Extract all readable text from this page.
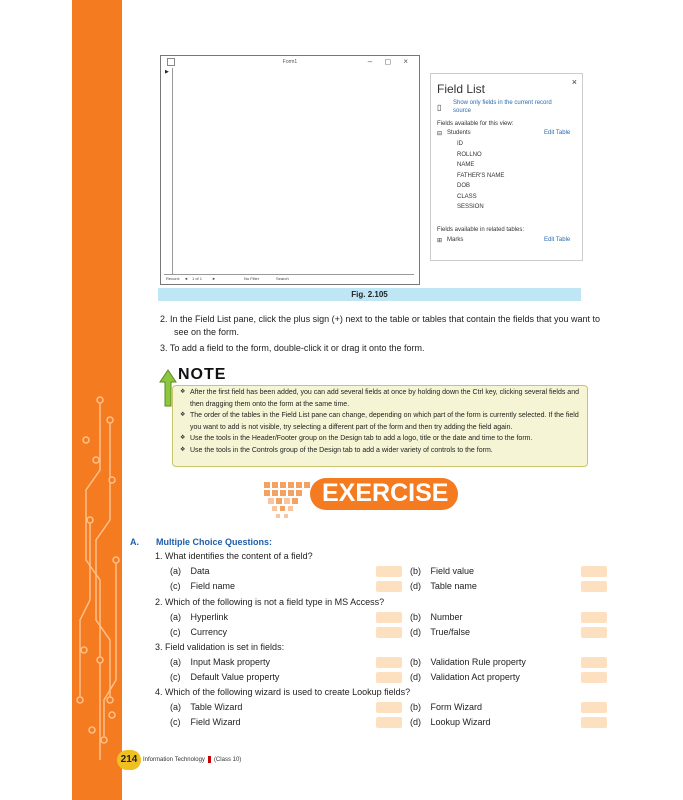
Form1	– ◻ ×
▶
Record: ◄ 1 of 1 ►	No Filter	Search
×
Field List
▯ Show only fields in the current record
source
Fields available for this view:
⊟ Students	Edit Table
ID
ROLLNO
NAME
FATHER'S NAME
DOB
CLASS
SESSION
Fields available in related tables:
⊞ Marks	Edit Table
Fig. 2.105

2. In the Field List pane, click the plus sign (+) next to the table or tables that contain the fields that you want to see on the form.

3. To add a field to the form, double-click it or drag it onto the form.

NOTE
❖ After the first field has been added, you can add several fields at once by holding down the Ctrl key, clicking several fields and then dragging them onto the form at the same time.
❖ The order of the tables in the Field List pane can change, depending on which part of the form is currently selected. If the field you want to add is not visible, try selecting a different part of the form and then try adding the field again.
❖ Use the tools in the Header/Footer group on the Design tab to add a logo, title or the date and time to the form.
❖ Use the tools in the Controls group of the Design tab to add a wider variety of controls to the form.
EXERCISE
A. Multiple Choice Questions:
1. What identifies the content of a field?
(a) Data	(b) Field value
(c) Field name	(d) Table name
2. Which of the following is not a field type in MS Access?
(a) Hyperlink	(b) Number
(c) Currency	(d) True/false
3. Field validation is set in fields:
(a) Input Mask property	(b) Validation Rule property
(c) Default Value property	(d) Validation Act property
4. Which of the following wizard is used to create Lookup fields?
(a) Table Wizard	(b) Form Wizard
(c) Field Wizard	(d) Lookup Wizard
214 Information Technology (Class 10)
